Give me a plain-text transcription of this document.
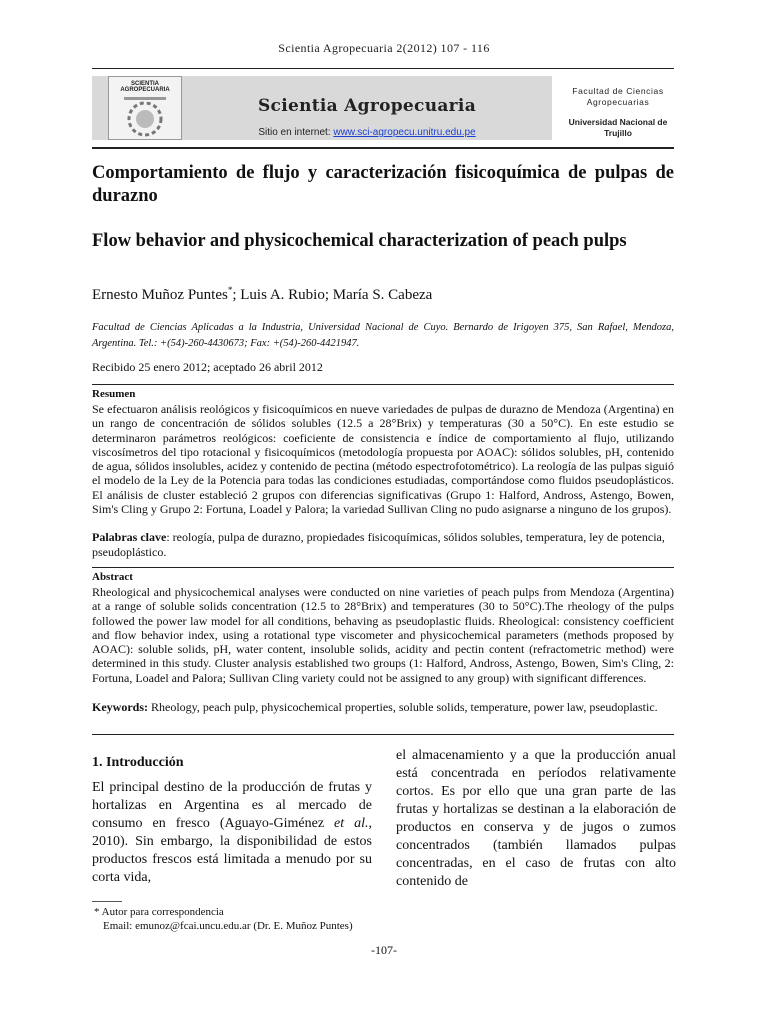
Scientia Agropecuaria 2(2012) 107 - 116
SCIENTIA AGROPECUARIA
Scientia Agropecuaria
Sitio en internet: www.sci-agropecu.unitru.edu.pe
Facultad de Ciencias
Agropecuarias
Universidad Nacional de
Trujillo
Comportamiento de flujo y caracterización fisicoquímica de pulpas de durazno
Flow behavior and physicochemical characterization of peach pulps
Ernesto Muñoz Puntes*; Luis A. Rubio; María S. Cabeza
Facultad de Ciencias Aplicadas a la Industria, Universidad Nacional de Cuyo. Bernardo de Irigoyen 375, San Rafael, Mendoza, Argentina. Tel.: +(54)-260-4430673; Fax: +(54)-260-4421947.
Recibido 25 enero 2012; aceptado 26 abril 2012
Resumen
Se efectuaron análisis reológicos y fisicoquímicos en nueve variedades de pulpas de durazno de Mendoza (Argentina) en un rango de concentración de sólidos solubles (12.5 a 28°Brix) y temperaturas (30 a 50°C). En este estudio se determinaron parámetros reológicos: coeficiente de consistencia e índice de comportamiento al flujo, utilizando viscosímetros del tipo rotacional y fisicoquímicos (metodología propuesta por AOAC): sólidos solubles, pH, contenido de agua, sólidos insolubles, acidez y contenido de pectina (método espectrofotométrico). La reología de las pulpas siguió el modelo de la Ley de la Potencia para todas las condiciones estudiadas, comportándose como fluidos pseudoplásticos. El análisis de cluster estableció 2 grupos con diferencias significativas (Grupo 1: Halford, Andross, Astengo, Bowen, Sim's Cling y Grupo 2: Fortuna, Loadel y Palora; la variedad Sullivan Cling no pudo asignarse a ninguno de los grupos).
Palabras clave: reología, pulpa de durazno, propiedades fisicoquímicas, sólidos solubles, temperatura, ley de potencia, pseudoplástico.
Abstract
Rheological and physicochemical analyses were conducted on nine varieties of peach pulps from Mendoza (Argentina) at a range of soluble solids concentration (12.5 to 28°Brix) and temperatures (30 to 50°C).The rheology of the pulps followed the power law model for all conditions, behaving as pseudoplastic fluids. Rheological: consistency coefficient and flow behavior index, using a rotational type viscometer and physicochemical parameters (methods proposed by AOAC): soluble solids, pH, water content, insoluble solids, acidity and pectin content (refractometric method) were determined in this study. Cluster analysis established two groups (1: Halford, Andross, Astengo, Bowen, Sim's Cling, 2: Fortuna, Loadel and Palora; Sullivan Cling variety could not be assigned to any group) with significant differences.
Keywords: Rheology, peach pulp, physicochemical properties, soluble solids, temperature, power law, pseudoplastic.
1. Introducción
El principal destino de la producción de frutas y hortalizas en Argentina es al mercado de consumo en fresco (Aguayo-Giménez et al., 2010). Sin embargo, la disponibilidad de estos productos frescos está limitada a menudo por su corta vida,
el almacenamiento y a que la producción anual está concentrada en períodos relativamente cortos. Es por ello que una gran parte de las frutas y hortalizas se destinan a la elaboración de productos en conserva y de jugos o zumos concentrados (también llamados pulpas concentradas, en el caso de frutas con alto contenido de
* Autor para correspondencia
Email: emunoz@fcai.uncu.edu.ar (Dr. E. Muñoz Puntes)
-107-
